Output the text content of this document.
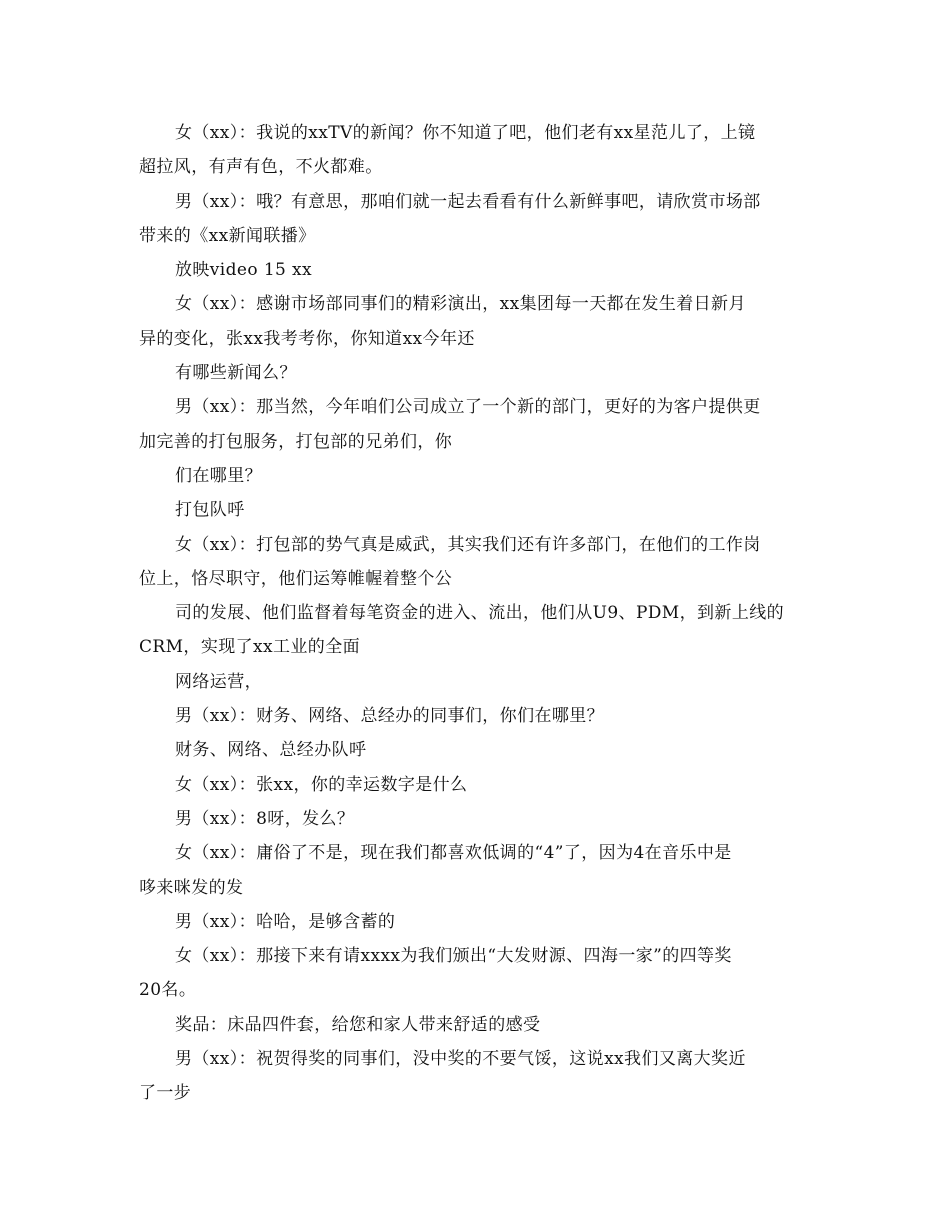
女（xx）：我说的xxTV的新闻？你不知道了吧，他们老有xx星范儿了，上镜
超拉风，有声有色，不火都难。
男（xx）：哦？有意思，那咱们就一起去看看有什么新鲜事吧，请欣赏市场部
带来的《xx新闻联播》
放映video 15 xx
女（xx）：感谢市场部同事们的精彩演出，xx集团每一天都在发生着日新月
异的变化，张xx我考考你，你知道xx今年还
有哪些新闻么？
男（xx）：那当然，今年咱们公司成立了一个新的部门，更好的为客户提供更
加完善的打包服务，打包部的兄弟们，你
们在哪里？
打包队呼
女（xx）：打包部的势气真是威武，其实我们还有许多部门，在他们的工作岗
位上，恪尽职守，他们运筹帷幄着整个公
司的发展、他们监督着每笔资金的进入、流出，他们从U9、PDM，到新上线的
CRM，实现了xx工业的全面
网络运营，
男（xx）：财务、网络、总经办的同事们，你们在哪里？
财务、网络、总经办队呼
女（xx）：张xx，你的幸运数字是什么
男（xx）：8呀，发么？
女（xx）：庸俗了不是，现在我们都喜欢低调的“4”了，因为4在音乐中是
哆来咪发的发
男（xx）：哈哈，是够含蓄的
女（xx）：那接下来有请xxxx为我们颁出“大发财源、四海一家”的四等奖
20名。
奖品：床品四件套，给您和家人带来舒适的感受
男（xx）：祝贺得奖的同事们，没中奖的不要气馁，这说xx我们又离大奖近
了一步
